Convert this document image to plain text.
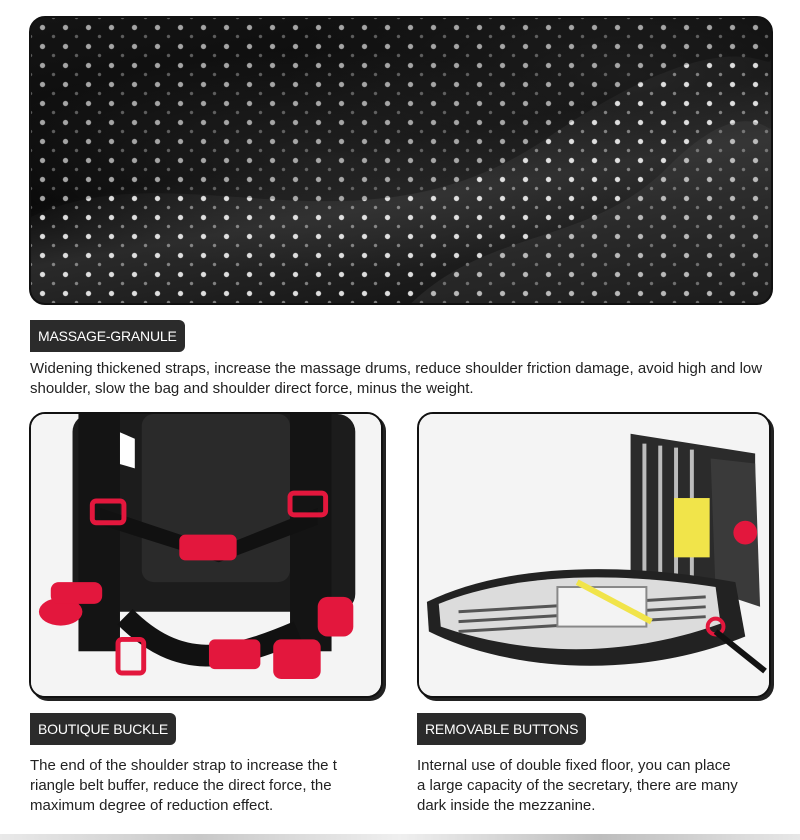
MASSAGE-GRANULE
Widening thickened straps, increase the massage drums, reduce shoulder friction damage, avoid high and low shoulder, slow the bag and shoulder direct force, minus the weight.
BOUTIQUE BUCKLE
The end of the shoulder strap to increase the t
riangle belt buffer, reduce the direct force, the
maximum degree of reduction effect.
REMOVABLE BUTTONS
Internal use of double fixed floor, you can place
a large capacity of the secretary, there are many
dark inside the mezzanine.
